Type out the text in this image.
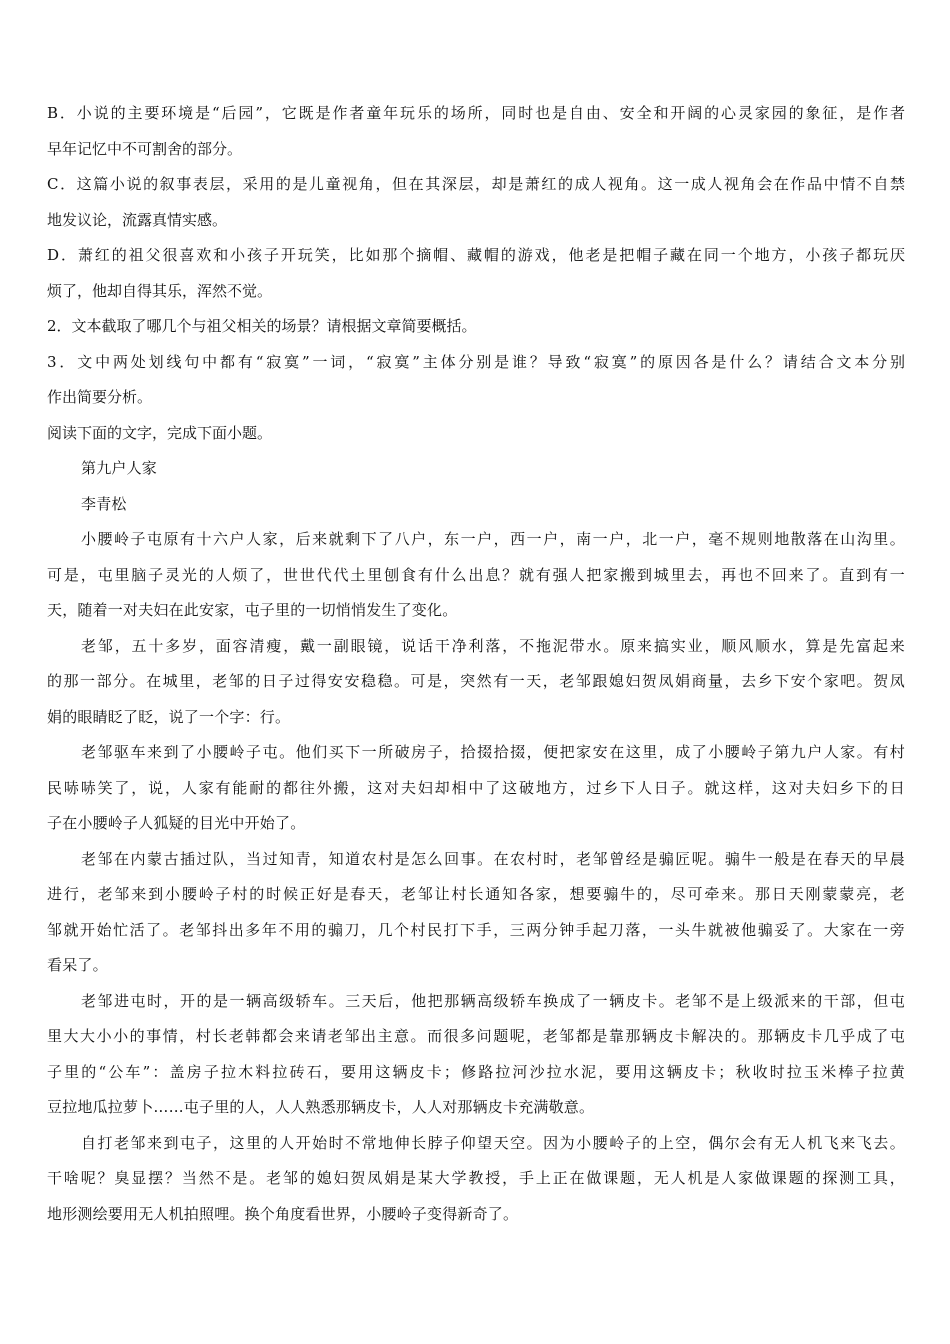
B．小说的主要环境是“后园”，它既是作者童年玩乐的场所，同时也是自由、安全和开阔的心灵家园的象征，是作者
早年记忆中不可割舍的部分。
C．这篇小说的叙事表层，采用的是儿童视角，但在其深层，却是萧红的成人视角。这一成人视角会在作品中情不自禁
地发议论，流露真情实感。
D．萧红的祖父很喜欢和小孩子开玩笑，比如那个摘帽、藏帽的游戏，他老是把帽子藏在同一个地方，小孩子都玩厌
烦了，他却自得其乐，浑然不觉。
2．文本截取了哪几个与祖父相关的场景？请根据文章简要概括。
3．文中两处划线句中都有“寂寞”一词，“寂寞”主体分别是谁？导致“寂寞”的原因各是什么？请结合文本分别
作出简要分析。
阅读下面的文字，完成下面小题。
第九户人家
李青松
小腰岭子屯原有十六户人家，后来就剩下了八户，东一户，西一户，南一户，北一户，毫不规则地散落在山沟里。
可是，屯里脑子灵光的人烦了，世世代代土里刨食有什么出息？就有强人把家搬到城里去，再也不回来了。直到有一
天，随着一对夫妇在此安家，屯子里的一切悄悄发生了变化。
老邹，五十多岁，面容清瘦，戴一副眼镜，说话干净利落，不拖泥带水。原来搞实业，顺风顺水，算是先富起来
的那一部分。在城里，老邹的日子过得安安稳稳。可是，突然有一天，老邹跟媳妇贺凤娟商量，去乡下安个家吧。贺凤
娟的眼睛眨了眨，说了一个字：行。
老邹驱车来到了小腰岭子屯。他们买下一所破房子，拾掇拾掇，便把家安在这里，成了小腰岭子第九户人家。有村
民哧哧笑了，说，人家有能耐的都往外搬，这对夫妇却相中了这破地方，过乡下人日子。就这样，这对夫妇乡下的日
子在小腰岭子人狐疑的目光中开始了。
老邹在内蒙古插过队，当过知青，知道农村是怎么回事。在农村时，老邹曾经是骟匠呢。骟牛一般是在春天的早晨
进行，老邹来到小腰岭子村的时候正好是春天，老邹让村长通知各家，想要骟牛的，尽可牵来。那日天刚蒙蒙亮，老
邹就开始忙活了。老邹抖出多年不用的骟刀，几个村民打下手，三两分钟手起刀落，一头牛就被他骟妥了。大家在一旁
看呆了。
老邹进屯时，开的是一辆高级轿车。三天后，他把那辆高级轿车换成了一辆皮卡。老邹不是上级派来的干部，但屯
里大大小小的事情，村长老韩都会来请老邹出主意。而很多问题呢，老邹都是靠那辆皮卡解决的。那辆皮卡几乎成了屯
子里的“公车”：盖房子拉木料拉砖石，要用这辆皮卡；修路拉河沙拉水泥，要用这辆皮卡；秋收时拉玉米棒子拉黄
豆拉地瓜拉萝卜……屯子里的人，人人熟悉那辆皮卡，人人对那辆皮卡充满敬意。
自打老邹来到屯子，这里的人开始时不常地伸长脖子仰望天空。因为小腰岭子的上空，偶尔会有无人机飞来飞去。
干啥呢？臭显摆？当然不是。老邹的媳妇贺凤娟是某大学教授，手上正在做课题，无人机是人家做课题的探测工具，
地形测绘要用无人机拍照哩。换个角度看世界，小腰岭子变得新奇了。
